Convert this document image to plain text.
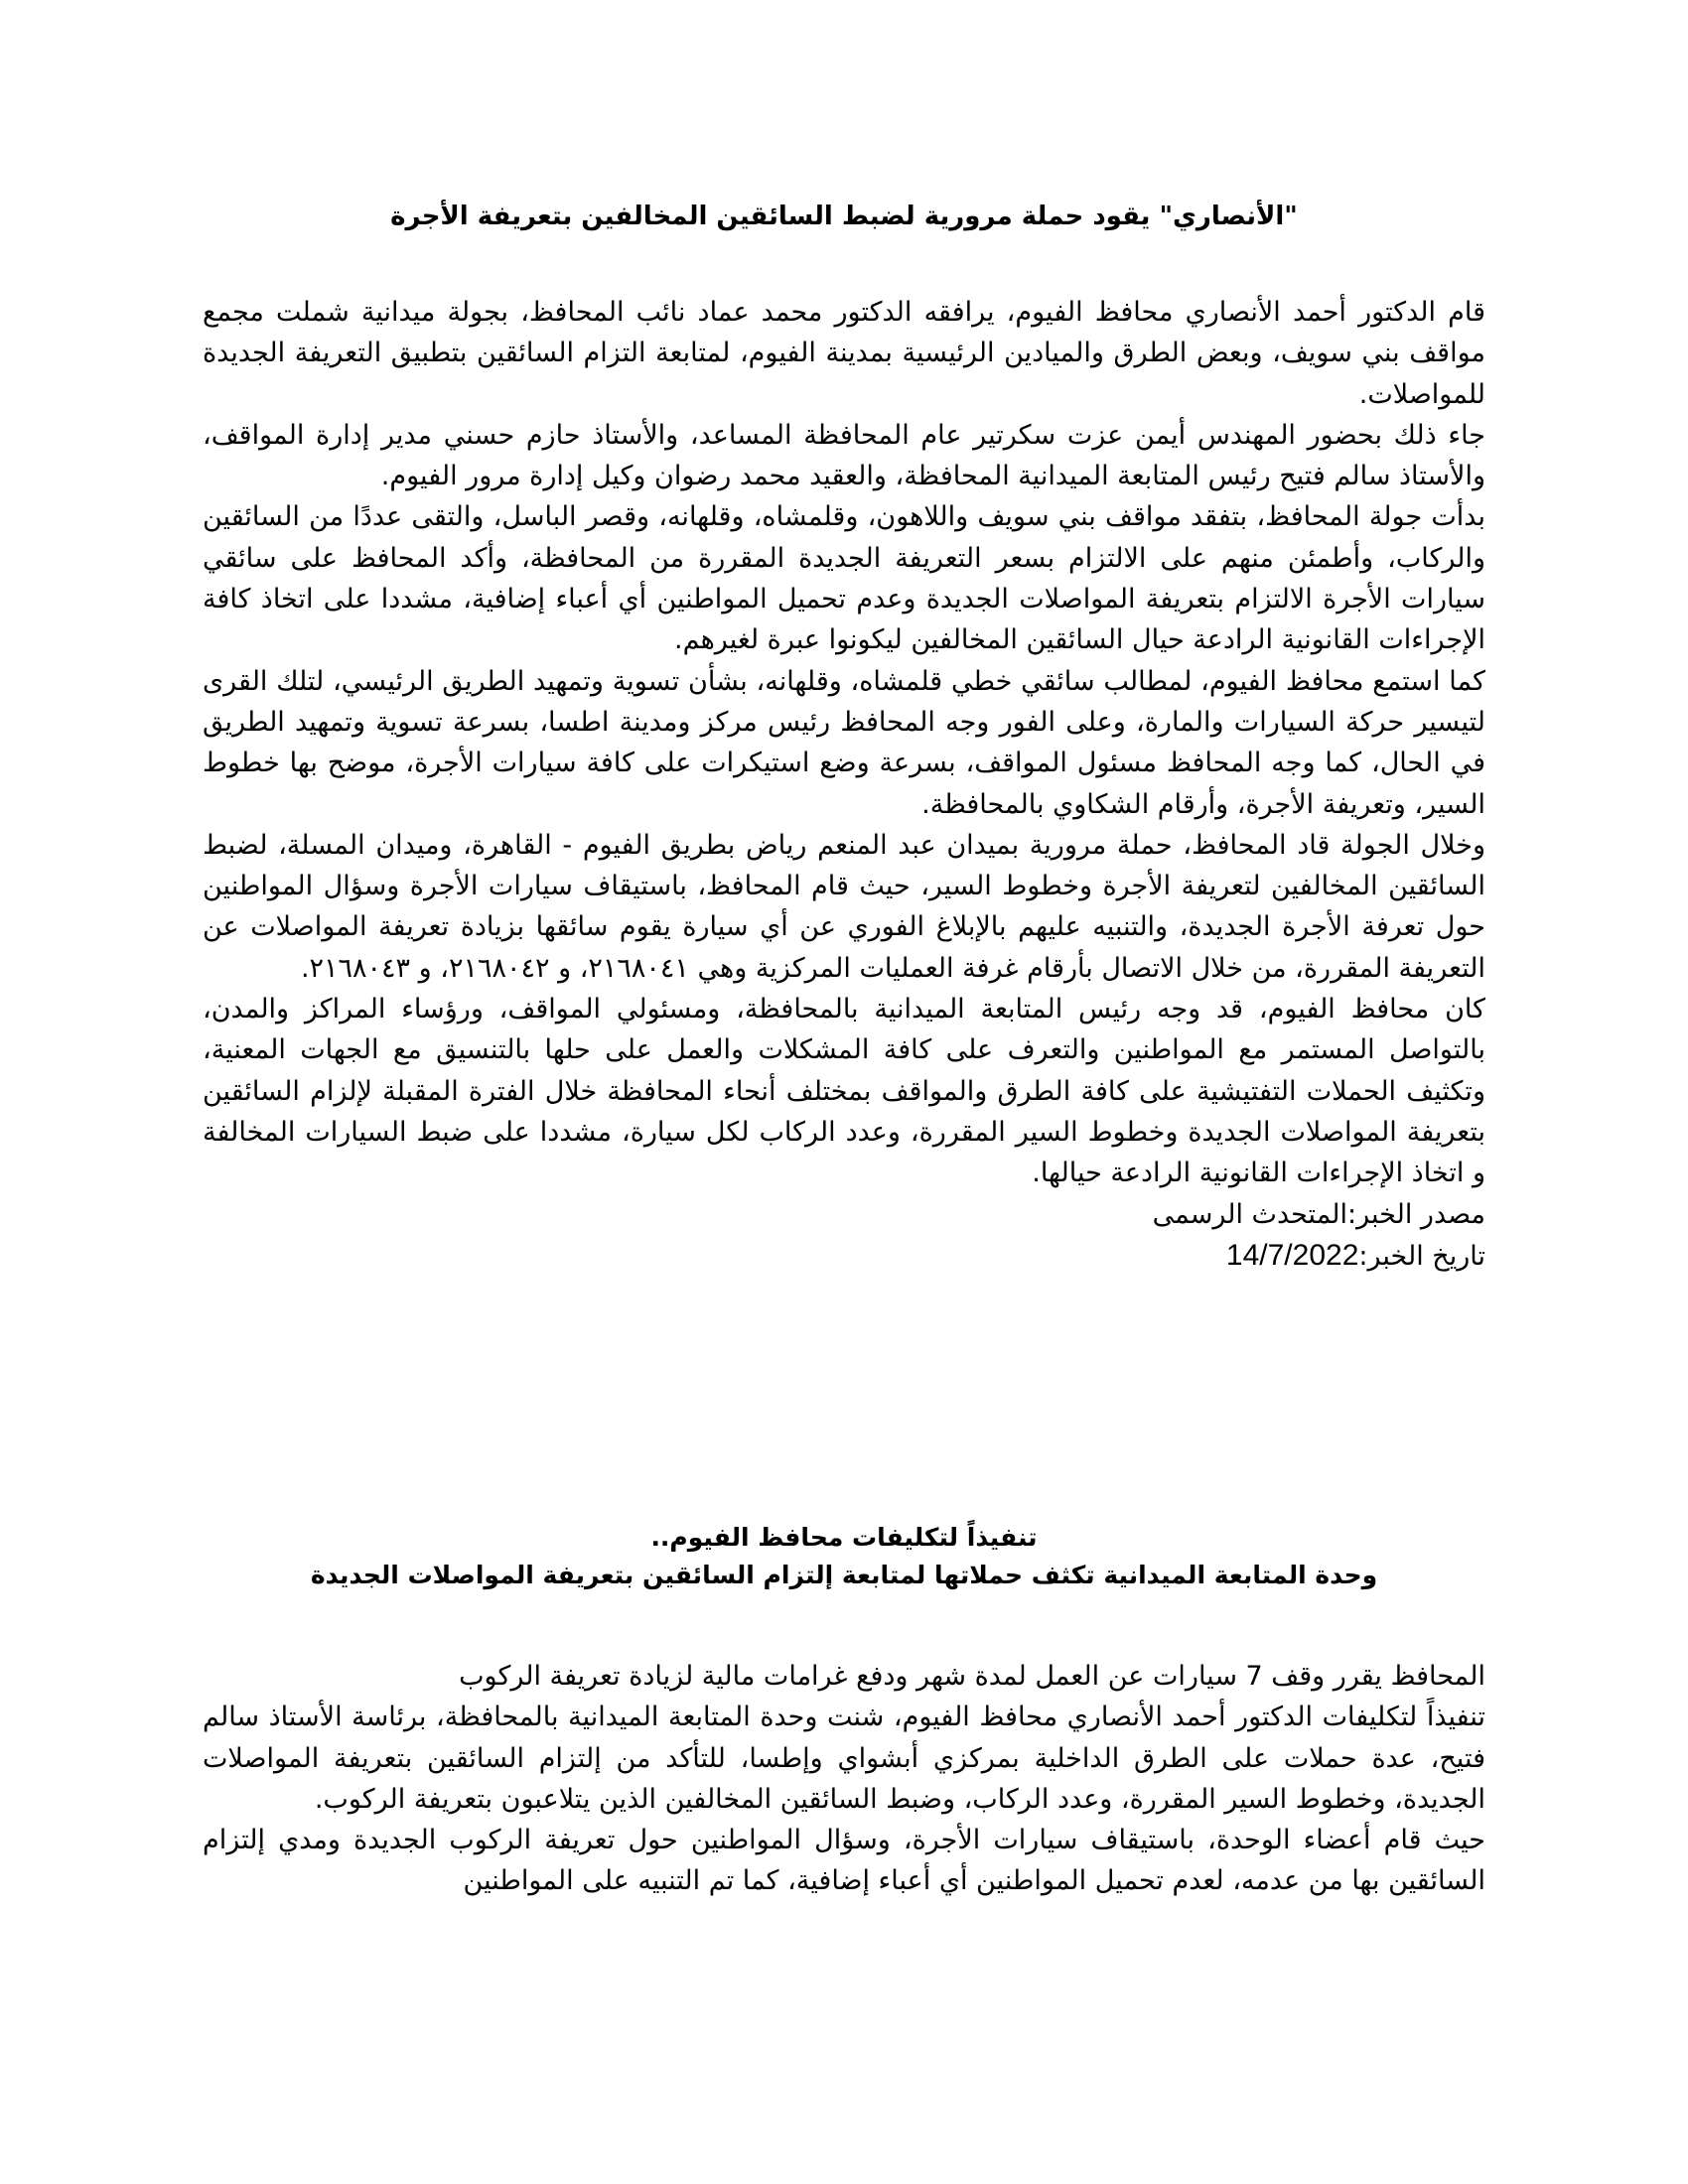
"الأنصاري" يقود حملة مرورية لضبط السائقين المخالفين بتعريفة الأجرة

قام الدكتور أحمد الأنصاري محافظ الفيوم، يرافقه الدكتور محمد عماد نائب المحافظ، بجولة ميدانية شملت مجمع مواقف بني سويف، وبعض الطرق والميادين الرئيسية بمدينة الفيوم، لمتابعة التزام السائقين بتطبيق التعريفة الجديدة للمواصلات.

جاء ذلك بحضور المهندس أيمن عزت سكرتير عام المحافظة المساعد، والأستاذ حازم حسني مدير إدارة المواقف، والأستاذ سالم فتيح رئيس المتابعة الميدانية المحافظة، والعقيد محمد رضوان وكيل إدارة مرور الفيوم.

بدأت جولة المحافظ، بتفقد مواقف بني سويف واللاهون، وقلمشاه، وقلهانه، وقصر الباسل، والتقى عددًا من السائقين والركاب، وأطمئن منهم على الالتزام بسعر التعريفة الجديدة المقررة من المحافظة، وأكد المحافظ على سائقي سيارات الأجرة الالتزام بتعريفة المواصلات الجديدة وعدم تحميل المواطنين أي أعباء إضافية، مشددا على اتخاذ كافة الإجراءات القانونية الرادعة حيال السائقين المخالفين ليكونوا عبرة لغيرهم.

كما استمع محافظ الفيوم، لمطالب سائقي خطي قلمشاه، وقلهانه، بشأن تسوية وتمهيد الطريق الرئيسي، لتلك القرى لتيسير حركة السيارات والمارة، وعلى الفور وجه المحافظ رئيس مركز ومدينة اطسا، بسرعة تسوية وتمهيد الطريق في الحال، كما وجه المحافظ مسئول المواقف، بسرعة وضع استيكرات على كافة سيارات الأجرة، موضح بها خطوط السير، وتعريفة الأجرة، وأرقام الشكاوي بالمحافظة.

وخلال الجولة قاد المحافظ، حملة مرورية بميدان عبد المنعم رياض بطريق الفيوم - القاهرة، وميدان المسلة، لضبط السائقين المخالفين لتعريفة الأجرة وخطوط السير، حيث قام المحافظ، باستيقاف سيارات الأجرة وسؤال المواطنين حول تعرفة الأجرة الجديدة، والتنبيه عليهم بالإبلاغ الفوري عن أي سيارة يقوم سائقها بزيادة تعريفة المواصلات عن التعريفة المقررة، من خلال الاتصال بأرقام غرفة العمليات المركزية وهي ٢١٦٨٠٤١، و ٢١٦٨٠٤٢، و ٢١٦٨٠٤٣.

كان محافظ الفيوم، قد وجه رئيس المتابعة الميدانية بالمحافظة، ومسئولي المواقف، ورؤساء المراكز والمدن، بالتواصل المستمر مع المواطنين والتعرف على كافة المشكلات والعمل على حلها بالتنسيق مع الجهات المعنية، وتكثيف الحملات التفتيشية على كافة الطرق والمواقف بمختلف أنحاء المحافظة خلال الفترة المقبلة لإلزام السائقين بتعريفة المواصلات الجديدة وخطوط السير المقررة، وعدد الركاب لكل سيارة، مشددا على ضبط السيارات المخالفة و اتخاذ الإجراءات القانونية الرادعة حيالها.

مصدر الخبر:المتحدث الرسمى

تاريخ الخبر:14/7/2022

تنفيذاً لتكليفات محافظ الفيوم..
وحدة المتابعة الميدانية تكثف حملاتها لمتابعة إلتزام السائقين بتعريفة المواصلات الجديدة

المحافظ يقرر وقف 7 سيارات عن العمل لمدة شهر ودفع غرامات مالية لزيادة تعريفة الركوب

تنفيذاً لتكليفات الدكتور أحمد الأنصاري محافظ الفيوم، شنت وحدة المتابعة الميدانية بالمحافظة، برئاسة الأستاذ سالم فتيح، عدة حملات على الطرق الداخلية بمركزي أبشواي وإطسا، للتأكد من إلتزام السائقين بتعريفة المواصلات الجديدة، وخطوط السير المقررة، وعدد الركاب، وضبط السائقين المخالفين الذين يتلاعبون بتعريفة الركوب.

حيث قام أعضاء الوحدة، باستيقاف سيارات الأجرة، وسؤال المواطنين حول تعريفة الركوب الجديدة ومدي إلتزام السائقين بها من عدمه، لعدم تحميل المواطنين أي أعباء إضافية، كما تم التنبيه على المواطنين
